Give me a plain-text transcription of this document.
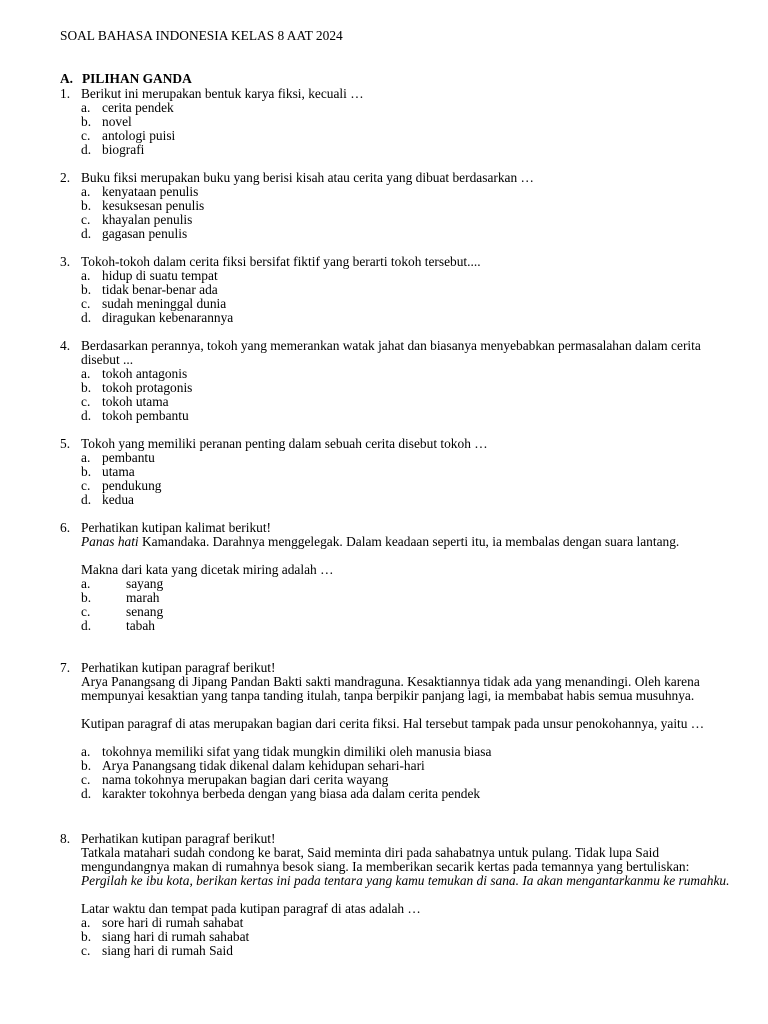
SOAL BAHASA INDONESIA KELAS 8 AAT 2024
A. PILIHAN GANDA
1. Berikut ini merupakan bentuk karya fiksi, kecuali …
a. cerita pendek
b. novel
c. antologi puisi
d. biografi
2. Buku fiksi merupakan buku yang berisi kisah atau cerita yang dibuat berdasarkan …
a. kenyataan penulis
b. kesuksesan penulis
c. khayalan penulis
d. gagasan penulis
3. Tokoh-tokoh dalam cerita fiksi bersifat fiktif yang berarti tokoh tersebut....
a. hidup di suatu tempat
b. tidak benar-benar ada
c. sudah meninggal dunia
d. diragukan kebenarannya
4. Berdasarkan perannya, tokoh yang memerankan watak jahat dan biasanya menyebabkan permasalahan dalam cerita disebut ...
a. tokoh antagonis
b. tokoh protagonis
c. tokoh utama
d. tokoh pembantu
5. Tokoh yang memiliki peranan penting dalam sebuah cerita disebut tokoh …
a. pembantu
b. utama
c. pendukung
d. kedua
6. Perhatikan kutipan kalimat berikut!
Panas hati Kamandaka. Darahnya menggelegak. Dalam keadaan seperti itu, ia membalas dengan suara lantang.
Makna dari kata yang dicetak miring adalah …
a.	sayang
b.	marah
c.	senang
d.	tabah
7. Perhatikan kutipan paragraf berikut!
Arya Panangsang di Jipang Pandan Bakti sakti mandraguna. Kesaktiannya tidak ada yang menandingi. Oleh karena mempunyai kesaktian yang tanpa tanding itulah, tanpa berpikir panjang lagi, ia membabat habis semua musuhnya.
Kutipan paragraf di atas merupakan bagian dari cerita fiksi. Hal tersebut tampak pada unsur penokohannya, yaitu …
a. tokohnya memiliki sifat yang tidak mungkin dimiliki oleh manusia biasa
b. Arya Panangsang tidak dikenal dalam kehidupan sehari-hari
c. nama tokohnya merupakan bagian dari cerita wayang
d. karakter tokohnya berbeda dengan yang biasa ada dalam cerita pendek
8. Perhatikan kutipan paragraf berikut!
Tatkala matahari sudah condong ke barat, Said meminta diri pada sahabatnya untuk pulang. Tidak lupa Said mengundangnya makan di rumahnya besok siang. Ia memberikan secarik kertas pada temannya yang bertuliskan:
Pergilah ke ibu kota, berikan kertas ini pada tentara yang kamu temukan di sana. Ia akan mengantarkanmu ke rumahku.
Latar waktu dan tempat pada kutipan paragraf di atas adalah …
a. sore hari di rumah sahabat
b. siang hari di rumah sahabat
c. siang hari di rumah Said
